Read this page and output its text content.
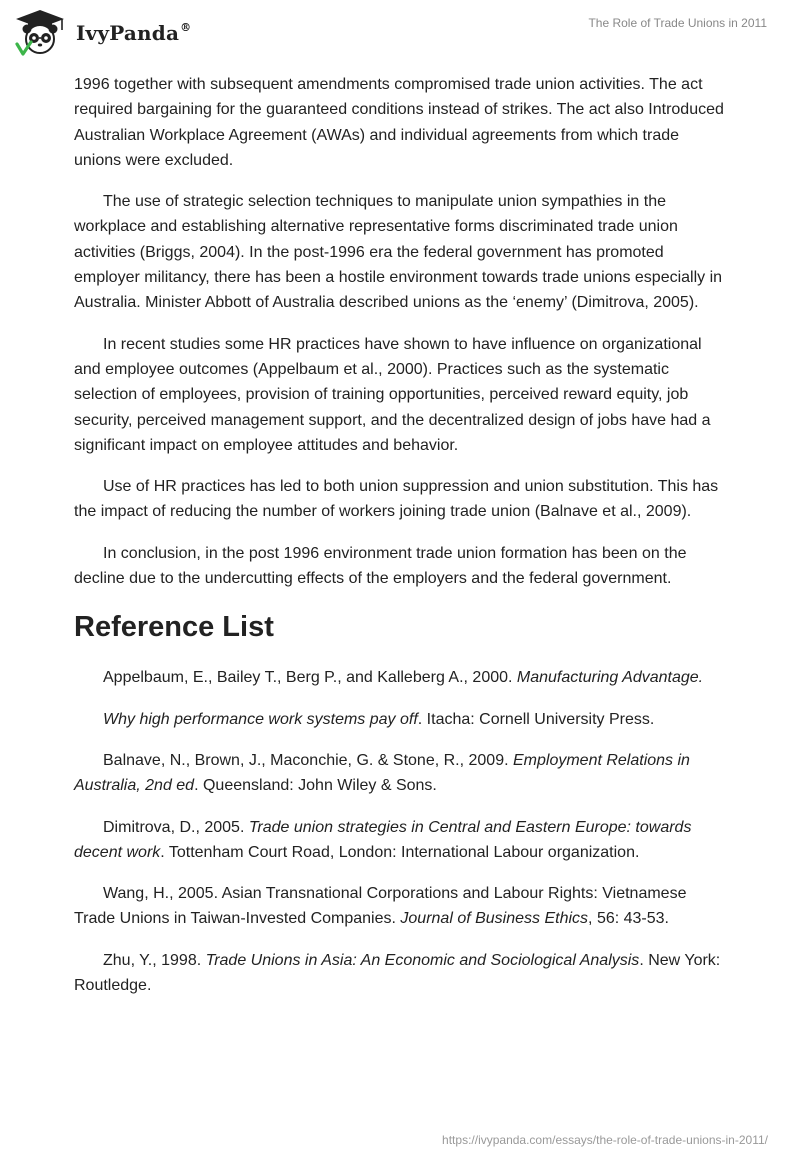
IvyPanda®	The Role of Trade Unions in 2011

1996 together with subsequent amendments compromised trade union activities. The act required bargaining for the guaranteed conditions instead of strikes. The act also Introduced Australian Workplace Agreement (AWAs) and individual agreements from which trade unions were excluded.

The use of strategic selection techniques to manipulate union sympathies in the workplace and establishing alternative representative forms discriminated trade union activities (Briggs, 2004). In the post-1996 era the federal government has promoted employer militancy, there has been a hostile environment towards trade unions especially in Australia. Minister Abbott of Australia described unions as the ‘enemy’ (Dimitrova, 2005).

In recent studies some HR practices have shown to have influence on organizational and employee outcomes (Appelbaum et al., 2000). Practices such as the systematic selection of employees, provision of training opportunities, perceived reward equity, job security, perceived management support, and the decentralized design of jobs have had a significant impact on employee attitudes and behavior.

Use of HR practices has led to both union suppression and union substitution. This has the impact of reducing the number of workers joining trade union (Balnave et al., 2009).

In conclusion, in the post 1996 environment trade union formation has been on the decline due to the undercutting effects of the employers and the federal government.

Reference List

Appelbaum, E., Bailey T., Berg P., and Kalleberg A., 2000. Manufacturing Advantage.

Why high performance work systems pay off. Itacha: Cornell University Press.

Balnave, N., Brown, J., Maconchie, G. & Stone, R., 2009. Employment Relations in Australia, 2nd ed. Queensland: John Wiley & Sons.

Dimitrova, D., 2005. Trade union strategies in Central and Eastern Europe: towards decent work. Tottenham Court Road, London: International Labour organization.

Wang, H., 2005. Asian Transnational Corporations and Labour Rights: Vietnamese Trade Unions in Taiwan-Invested Companies. Journal of Business Ethics, 56: 43-53.

Zhu, Y., 1998. Trade Unions in Asia: An Economic and Sociological Analysis. New York: Routledge.

https://ivypanda.com/essays/the-role-of-trade-unions-in-2011/
